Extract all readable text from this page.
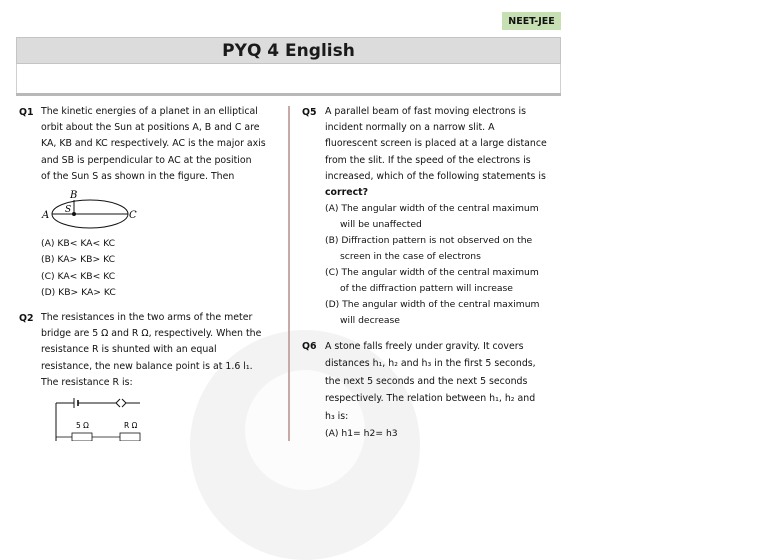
NEET-JEE
PYQ 4 English
Q1 The kinetic energies of a planet in an elliptical
orbit about the Sun at positions A, B and C are
KA, KB and KC respectively. AC is the major axis
and SB is perpendicular to AC at the position
of the Sun S as shown in the figure. Then
B
A	C
S
(A) KB< KA< KC
(B) KA> KB> KC
(C) KA< KB< KC
(D) KB> KA> KC
Q2 The resistances in the two arms of the meter
bridge are 5 Ω and R Ω, respectively. When the
resistance R is shunted with an equal
resistance, the new balance point is at 1.6 l₁.
The resistance R is:
5 Ω	R Ω
Q5 A parallel beam of fast moving electrons is
incident normally on a narrow slit. A
fluorescent screen is placed at a large distance
from the slit. If the speed of the electrons is
increased, which of the following statements is
correct?
(A) The angular width of the central maximum
will be unaffected
(B) Diffraction pattern is not observed on the
screen in the case of electrons
(C) The angular width of the central maximum
of the diffraction pattern will increase
(D) The angular width of the central maximum
will decrease
Q6 A stone falls freely under gravity. It covers
distances h₁, h₂ and h₃ in the first 5 seconds,
the next 5 seconds and the next 5 seconds
respectively. The relation between h₁, h₂ and
h₃ is:
(A) h1= h2= h3
